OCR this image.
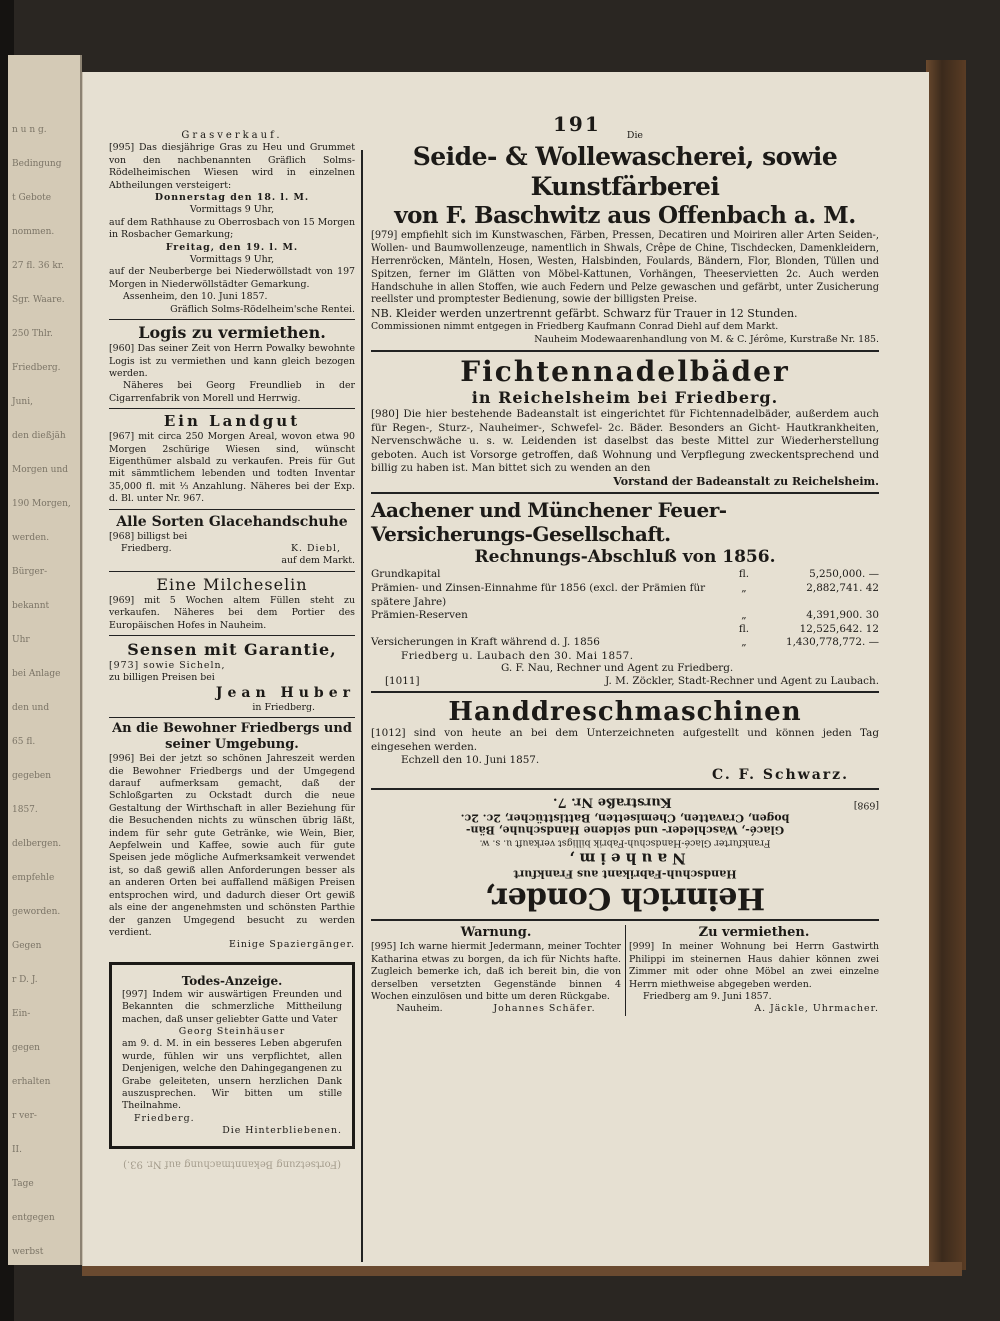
n u n g.
Bedingung
t Gebote
nommen.
27 fl. 36 kr.
Sgr. Waare.
250 Thlr.
Friedberg.
Juni,
den dießjäh
Morgen und
190 Morgen,
werden.
Bürger-
bekannt
Uhr
bei Anlage
den und
65 fl.
gegeben
1857.
delbergen.
empfehle
geworden.
Gegen
r D. J.
Ein-
gegen
erhalten
r ver-
II.
Tage
entgegen
werbst
191

Grasverkauf.

[995] Das diesjährige Gras zu Heu und Grummet von den nachbenannten Gräflich Solms-Rödelheimischen Wiesen wird in einzelnen Abtheilungen versteigert:

Donnerstag den 18. l. M.

Vormittags 9 Uhr,

auf dem Rathhause zu Oberrosbach von 15 Morgen in Rosbacher Gemarkung;

Freitag, den 19. l. M.

Vormittags 9 Uhr,

auf der Neuberberge bei Niederwöllstadt von 197 Morgen in Niederwöllstädter Gemarkung.

Assenheim, den 10. Juni 1857.

Gräflich Solms-Rödelheim'sche Rentei.

Logis zu vermiethen.

[960] Das seiner Zeit von Herrn Powalky bewohnte Logis ist zu vermiethen und kann gleich bezogen werden.

Näheres bei Georg Freundlieb in der Cigarrenfabrik von Morell und Herrwig.

Ein Landgut

[967] mit circa 250 Morgen Areal, wovon etwa 90 Morgen 2schürige Wiesen sind, wünscht Eigenthümer alsbald zu verkaufen. Preis für Gut mit sämmtlichem lebenden und todten Inventar 35,000 fl. mit ⅓ Anzahlung. Näheres bei der Exp. d. Bl. unter Nr. 967.

Alle Sorten Glacehandschuhe

[968] billigst bei

Friedberg.	K. Diebl,

auf dem Markt.

Eine Milcheselin

[969] mit 5 Wochen altem Füllen steht zu verkaufen. Näheres bei dem Portier des Europäischen Hofes in Nauheim.

Sensen mit Garantie,

[973] sowie Sicheln,

zu billigen Preisen bei

Jean Huber

in Friedberg.

An die Bewohner Friedbergs und seiner Umgebung.

[996] Bei der jetzt so schönen Jahreszeit werden die Bewohner Friedbergs und der Umgegend darauf aufmerksam gemacht, daß der Schloßgarten zu Ockstadt durch die neue Gestaltung der Wirthschaft in aller Beziehung für die Besuchenden nichts zu wünschen übrig läßt, indem für sehr gute Getränke, wie Wein, Bier, Aepfelwein und Kaffee, sowie auch für gute Speisen jede mögliche Aufmerksamkeit verwendet ist, so daß gewiß allen Anforderungen besser als an anderen Orten bei auffallend mäßigen Preisen entsprochen wird, und dadurch dieser Ort gewiß als eine der angenehmsten und schönsten Parthie der ganzen Umgegend besucht zu werden verdient.

Einige Spaziergänger.

Todes-Anzeige.

[997] Indem wir auswärtigen Freunden und Bekannten die schmerzliche Mittheilung machen, daß unser geliebter Gatte und Vater

Georg Steinhäuser

am 9. d. M. in ein besseres Leben abgerufen wurde, fühlen wir uns verpflichtet, allen Denjenigen, welche den Dahingegangenen zu Grabe geleiteten, unsern herzlichen Dank auszusprechen. Wir bitten um stille Theilnahme.

Friedberg.

Die Hinterbliebenen.

(Fortsetzung Bekanntmachung auf Nr. 93.)

Die

Seide- & Wollewascherei, sowie Kunstfärberei

von F. Baschwitz aus Offenbach a. M.

[979] empfiehlt sich im Kunstwaschen, Färben, Pressen, Decatiren und Moiriren aller Arten Seiden-, Wollen- und Baumwollenzeuge, namentlich in Shwals, Crêpe de Chine, Tischdecken, Damenkleidern, Herrenröcken, Mänteln, Hosen, Westen, Halsbinden, Foulards, Bändern, Flor, Blonden, Tüllen und Spitzen, ferner im Glätten von Möbel-Kattunen, Vorhängen, Theeservietten 2c. Auch werden Handschuhe in allen Stoffen, wie auch Federn und Pelze gewaschen und gefärbt, unter Zusicherung reellster und promptester Bedienung, sowie der billigsten Preise.

NB. Kleider werden unzertrennt gefärbt. Schwarz für Trauer in 12 Stunden.

Commissionen nimmt entgegen in Friedberg Kaufmann Conrad Diehl auf dem Markt.

Nauheim Modewaarenhandlung von M. & C. Jérôme, Kurstraße Nr. 185.

Fichtennadelbäder

in Reichelsheim bei Friedberg.

[980] Die hier bestehende Badeanstalt ist eingerichtet für Fichtennadelbäder, außerdem auch für Regen-, Sturz-, Nauheimer-, Schwefel- 2c. Bäder. Besonders an Gicht- Hautkrankheiten, Nervenschwäche u. s. w. Leidenden ist daselbst das beste Mittel zur Wiederherstellung geboten. Auch ist Vorsorge getroffen, daß Wohnung und Verpflegung zweckentsprechend und billig zu haben ist. Man bittet sich zu wenden an den

Vorstand der Badeanstalt zu Reichelsheim.

Aachener und Münchener Feuer-Versicherungs-Gesellschaft.

Rechnungs-Abschluß von 1856.

Grundkapital	fl.	5,250,000. —
Prämien- und Zinsen-Einnahme für 1856 (excl. der Prämien für spätere Jahre)
„	2,882,741. 42
Prämien-Reserven	„	4,391,900. 30
fl.	12,525,642. 12
Versicherungen in Kraft während d. J. 1856	„	1,430,778,772. —

Friedberg u. Laubach den 30. Mai 1857.

G. F. Nau, Rechner und Agent zu Friedberg.

[1011]	J. M. Zöckler, Stadt-Rechner und Agent zu Laubach.

Handdreschmaschinen

[1012] sind von heute an bei dem Unterzeichneten aufgestellt und können jeden Tag eingesehen werden.

Echzell den 10. Juni 1857.

C. F. Schwarz.

Heinrich Conder,

Handschuh-Fabrikant aus Frankfurt

Nauheim,

Frankfurter Glacé-Handschuh-Fabrik billigst verkauft u. s. w.

Glacé-, Waschleder- und seidene Handschuhe, Bän-

bogen, Cravatten, Chemisetten, Battisttücher, 2c. 2c.

[698]

Kurstraße Nr. 7.

Warnung.

[995] Ich warne hiermit Jedermann, meiner Tochter Katharina etwas zu borgen, da ich für Nichts hafte. Zugleich bemerke ich, daß ich bereit bin, die von derselben versetzten Gegenstände binnen 4 Wochen einzulösen und bitte um deren Rückgabe.

Nauheim.	Johannes Schäfer.

Zu vermiethen.

[999] In meiner Wohnung bei Herrn Gastwirth Philippi im steinernen Haus dahier können zwei Zimmer mit oder ohne Möbel an zwei einzelne Herrn miethweise abgegeben werden.

Friedberg am 9. Juni 1857.

A. Jäckle, Uhrmacher.
